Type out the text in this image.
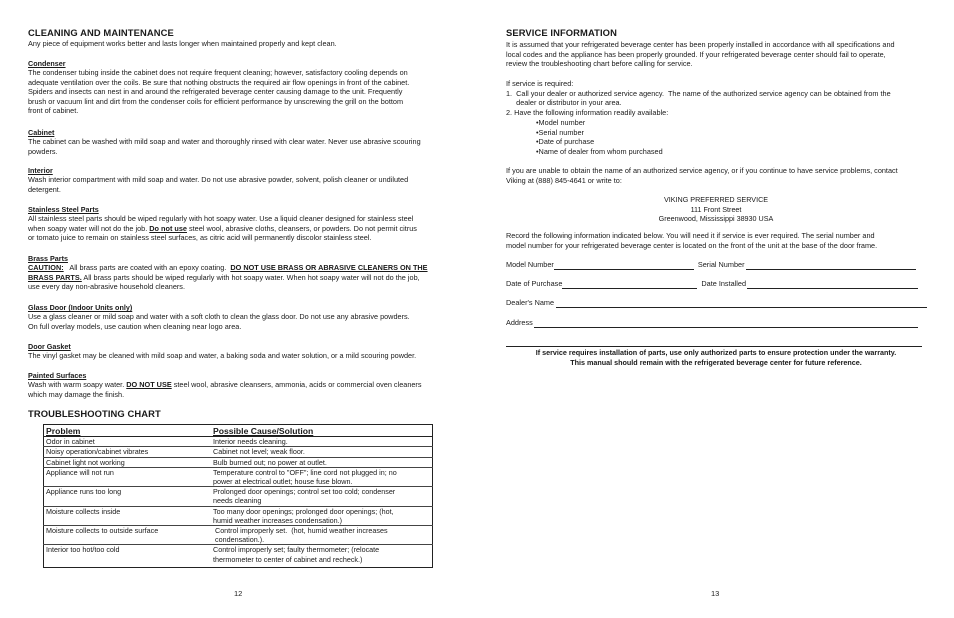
CLEANING AND MAINTENANCE
Any piece of equipment works better and lasts longer when maintained properly and kept clean.
Condenser
The condenser tubing inside the cabinet does not require frequent cleaning; however, satisfactory cooling depends on
adequate ventilation over the coils. Be sure that nothing obstructs the required air flow openings in front of the cabinet.
Spiders and insects can nest in and around the refrigerated beverage center causing damage to the unit. Frequently
brush or vacuum lint and dirt from the condenser coils for efficient performance by unscrewing the grill on the bottom
front of cabinet.
Cabinet
The cabinet can be washed with mild soap and water and thoroughly rinsed with clear water. Never use abrasive scouring
powders.
Interior
Wash interior compartment with mild soap and water. Do not use abrasive powder, solvent, polish cleaner or undiluted
detergent.
Stainless Steel Parts
All stainless steel parts should be wiped regularly with hot soapy water. Use a liquid cleaner designed for stainless steel
when soapy water will not do the job. Do not use steel wool, abrasive cloths, cleansers, or powders. Do not permit citrus
or tomato juice to remain on stainless steel surfaces, as citric acid will permanently discolor stainless steel.
Brass Parts
CAUTION:   All brass parts are coated with an epoxy coating.  DO NOT USE BRASS OR ABRASIVE CLEANERS ON THE
BRASS PARTS. All brass parts should be wiped regularly with hot soapy water. When hot soapy water will not do the job,
use every day non-abrasive household cleaners.
Glass Door (Indoor Units only)
Use a glass cleaner or mild soap and water with a soft cloth to clean the glass door. Do not use any abrasive powders.
On full overlay models, use caution when cleaning near logo area.
Door Gasket
The vinyl gasket may be cleaned with mild soap and water, a baking soda and water solution, or a mild scouring powder.
Painted Surfaces
Wash with warm soapy water. DO NOT USE steel wool, abrasive cleansers, ammonia, acids or commercial oven cleaners
which may damage the finish.
TROUBLESHOOTING CHART
Problem	Possible Cause/Solution
Odor in cabinet	Interior needs cleaning.

Noisy operation/cabinet vibrates	Cabinet not level; weak floor.

Cabinet light not working	Bulb burned out; no power at outlet.

Appliance will not run	Temperature control to "OFF"; line cord not plugged in; no
power at electrical outlet; house fuse blown.

Appliance runs too long	Prolonged door openings; control set too cold; condenser
needs cleaning

Moisture collects inside	Too many door openings; prolonged door openings; (hot,
humid weather increases condensation.)

Moisture collects to outside surface	Control improperly set.  (hot, humid weather increases
condensation.).

Interior too hot/too cold	Control improperly set; faulty thermometer; (relocate
thermometer to center of cabinet and recheck.)
12
SERVICE INFORMATION
It is assumed that your refrigerated beverage center has been properly installed in accordance with all specifications and
local codes and the appliance has been properly grounded. If your refrigerated beverage center should fail to operate,
review the troubleshooting chart before calling for service.
If service is required:
1.  Call your dealer or authorized service agency.  The name of the authorized service agency can be obtained from the
dealer or distributor in your area.
2. Have the following information readily available:
•Model number
•Serial number
•Date of purchase
•Name of dealer from whom purchased
If you are unable to obtain the name of an authorized service agency, or if you continue to have service problems, contact
Viking at (888) 845-4641 or write to:
VIKING PREFERRED SERVICE
111 Front Street
Greenwood, Mississippi 38930 USA
Record the following information indicated below. You will need it if service is ever required. The serial number and
model number for your refrigerated beverage center is located on the front of the unit at the base of the door frame.
Model Number	Serial Number
Date of Purchase	Date Installed
Dealer's Name
Address
If service requires installation of parts, use only authorized parts to ensure protection under the warranty.
This manual should remain with the refrigerated beverage center for future reference.
13
